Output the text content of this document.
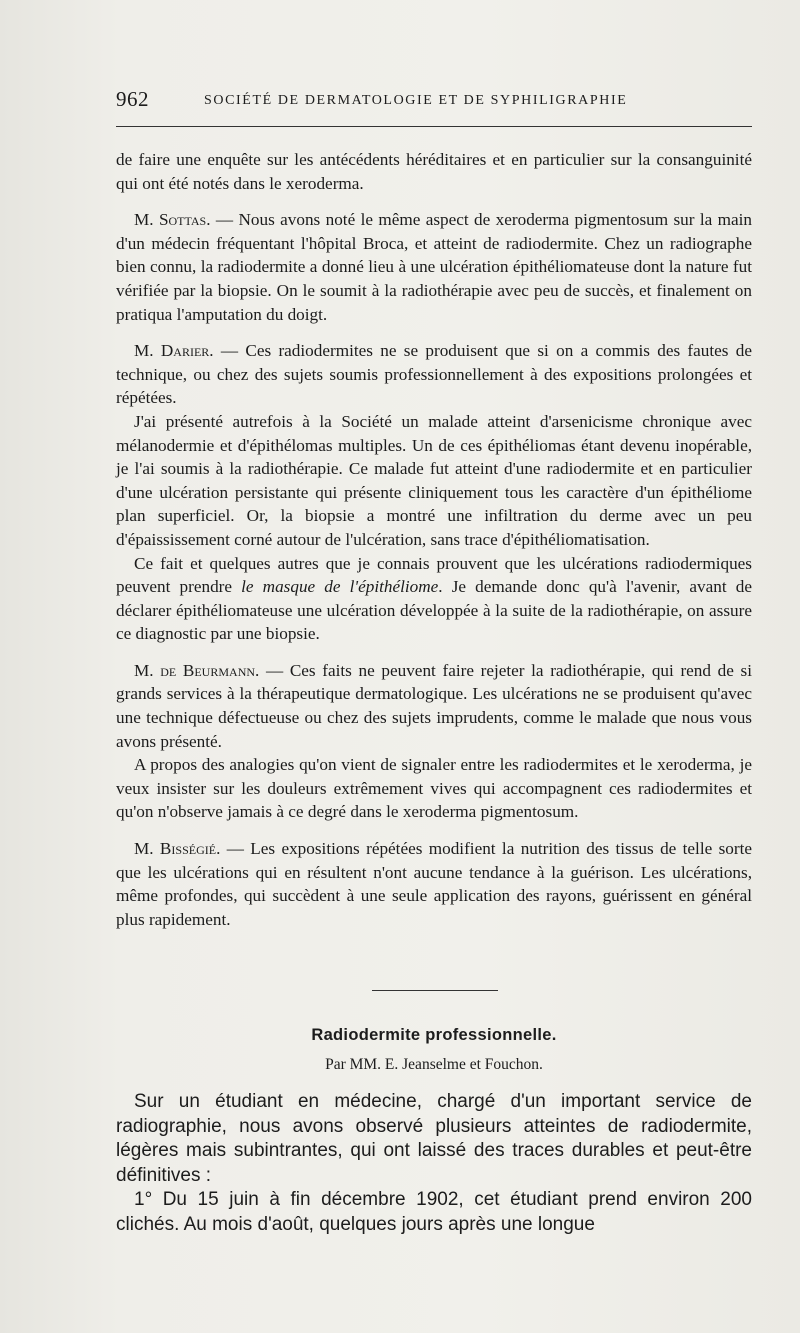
962	SOCIÉTÉ DE DERMATOLOGIE ET DE SYPHILIGRAPHIE

de faire une enquête sur les antécédents héréditaires et en particulier sur la consanguinité qui ont été notés dans le xeroderma.

M. Sottas. — Nous avons noté le même aspect de xeroderma pigmentosum sur la main d'un médecin fréquentant l'hôpital Broca, et atteint de radiodermite. Chez un radiographe bien connu, la radiodermite a donné lieu à une ulcération épithéliomateuse dont la nature fut vérifiée par la biopsie. On le soumit à la radiothérapie avec peu de succès, et finalement on pratiqua l'amputation du doigt.

M. Darier. — Ces radiodermites ne se produisent que si on a commis des fautes de technique, ou chez des sujets soumis professionnellement à des expositions prolongées et répétées.

J'ai présenté autrefois à la Société un malade atteint d'arsenicisme chronique avec mélanodermie et d'épithélomas multiples. Un de ces épithéliomas étant devenu inopérable, je l'ai soumis à la radiothérapie. Ce malade fut atteint d'une radiodermite et en particulier d'une ulcération persistante qui présente cliniquement tous les caractère d'un épithéliome plan superficiel. Or, la biopsie a montré une infiltration du derme avec un peu d'épaississement corné autour de l'ulcération, sans trace d'épithéliomatisation.

Ce fait et quelques autres que je connais prouvent que les ulcérations radiodermiques peuvent prendre le masque de l'épithéliome. Je demande donc qu'à l'avenir, avant de déclarer épithéliomateuse une ulcération développée à la suite de la radiothérapie, on assure ce diagnostic par une biopsie.

M. de Beurmann. — Ces faits ne peuvent faire rejeter la radiothérapie, qui rend de si grands services à la thérapeutique dermatologique. Les ulcérations ne se produisent qu'avec une technique défectueuse ou chez des sujets imprudents, comme le malade que nous vous avons présenté.

A propos des analogies qu'on vient de signaler entre les radiodermites et le xeroderma, je veux insister sur les douleurs extrêmement vives qui accompagnent ces radiodermites et qu'on n'observe jamais à ce degré dans le xeroderma pigmentosum.

M. Bisségié. — Les expositions répétées modifient la nutrition des tissus de telle sorte que les ulcérations qui en résultent n'ont aucune tendance à la guérison. Les ulcérations, même profondes, qui succèdent à une seule application des rayons, guérissent en général plus rapidement.

Radiodermite professionnelle.
Par MM. E. Jeanselme et Fouchon.

Sur un étudiant en médecine, chargé d'un important service de radiographie, nous avons observé plusieurs atteintes de radiodermite, légères mais subintrantes, qui ont laissé des traces durables et peut-être définitives :

1° Du 15 juin à fin décembre 1902, cet étudiant prend environ 200 clichés. Au mois d'août, quelques jours après une longue
